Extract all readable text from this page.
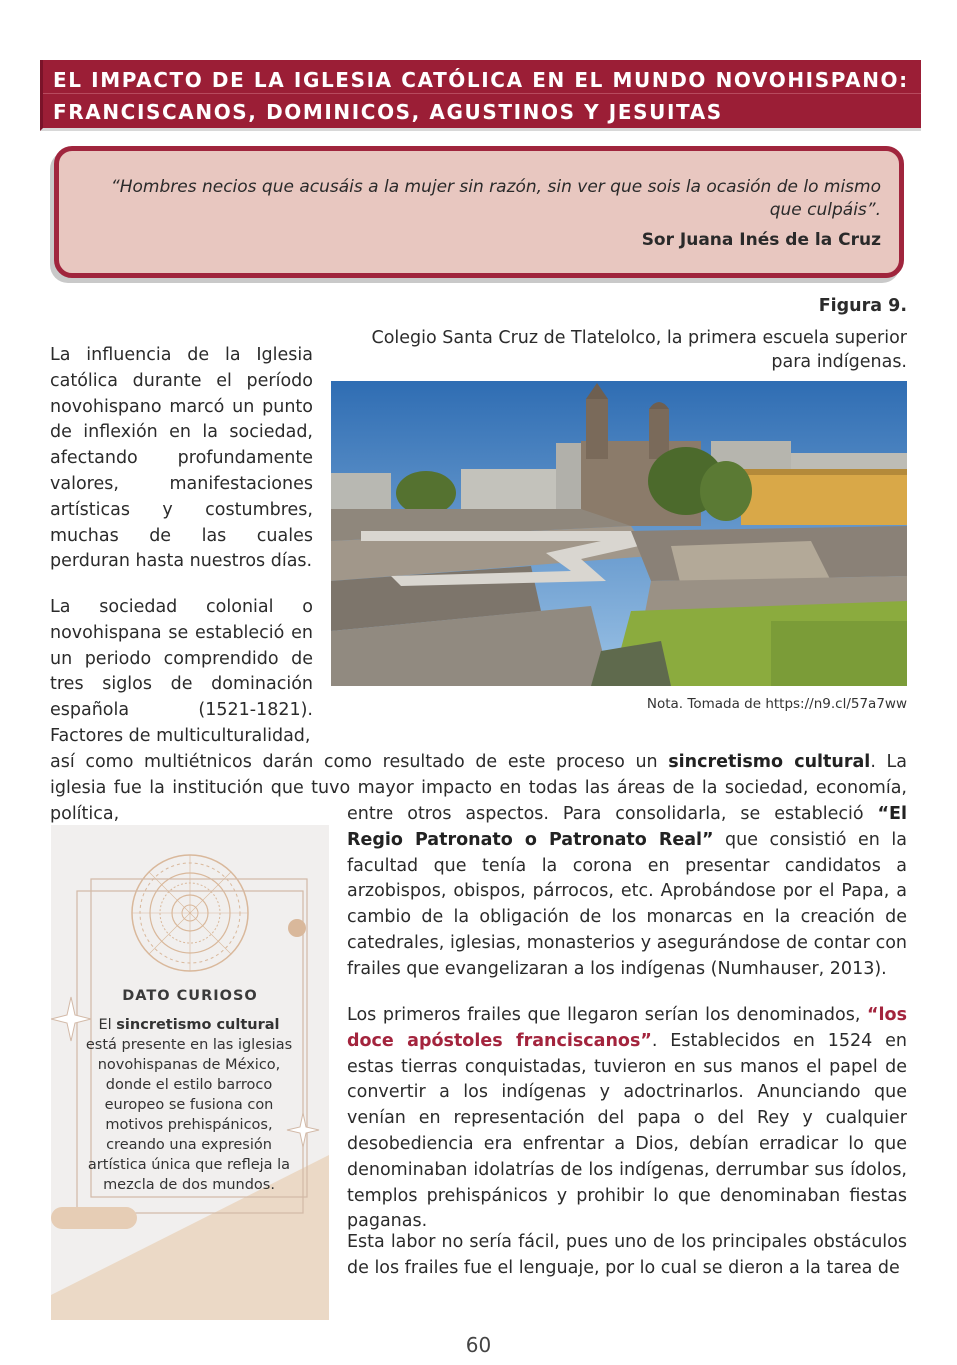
EL IMPACTO DE LA IGLESIA CATÓLICA EN EL MUNDO NOVOHISPANO:
FRANCISCANOS, DOMINICOS, AGUSTINOS Y JESUITAS
“Hombres necios que acusáis a la mujer sin razón, sin ver que sois la ocasión de lo mismo que culpáis”.
Sor Juana Inés de la Cruz
Figura 9.
Colegio Santa Cruz de Tlatelolco, la primera escuela superior para indígenas.
Nota. Tomada de https://n9.cl/57a7ww
La influencia de la Iglesia católica durante el período novohispano marcó un punto de inflexión en la sociedad, afectando profundamente valores, manifestaciones artísticas y costumbres, muchas de las cuales perduran hasta nuestros días.
La sociedad colonial o novohispana se estableció en un periodo comprendido de tres siglos de dominación española (1521-1821). Factores de multiculturalidad,
así como multiétnicos darán como resultado de este proceso un sincretismo cultural. La iglesia fue la institución que tuvo mayor impacto en todas las áreas de la sociedad, economía, política,	entre otros aspectos. Para consolidarla, se estableció “El Regio Patronato o Patronato Real” que consistió en la facultad que tenía la corona en presentar candidatos a arzobispos, obispos, párrocos, etc. Aprobándose por el Papa, a cambio de la obligación de los monarcas en la creación de catedrales, iglesias, monasterios y asegurándose de contar con frailes que evangelizaran a los indígenas (Numhauser, 2013).
Los primeros frailes que llegaron serían los denominados, “los doce apóstoles franciscanos”. Establecidos en 1524 en estas tierras conquistadas, tuvieron en sus manos el papel de convertir a los indígenas y adoctrinarlos. Anunciando que venían en representación del papa o del Rey y cualquier desobediencia era enfrentar a Dios, debían erradicar lo que denominaban idolatrías de los indígenas, derrumbar sus ídolos, templos prehispánicos y prohibir lo que denominaban fiestas paganas.
Esta labor no sería fácil, pues uno de los principales obstáculos de los frailes fue el lenguaje, por lo cual se dieron a la tarea de
DATO CURIOSO
El sincretismo cultural está presente en las iglesias novohispanas de México, donde el estilo barroco europeo se fusiona con motivos prehispánicos, creando una expresión artística única que refleja la mezcla de dos mundos.
60
